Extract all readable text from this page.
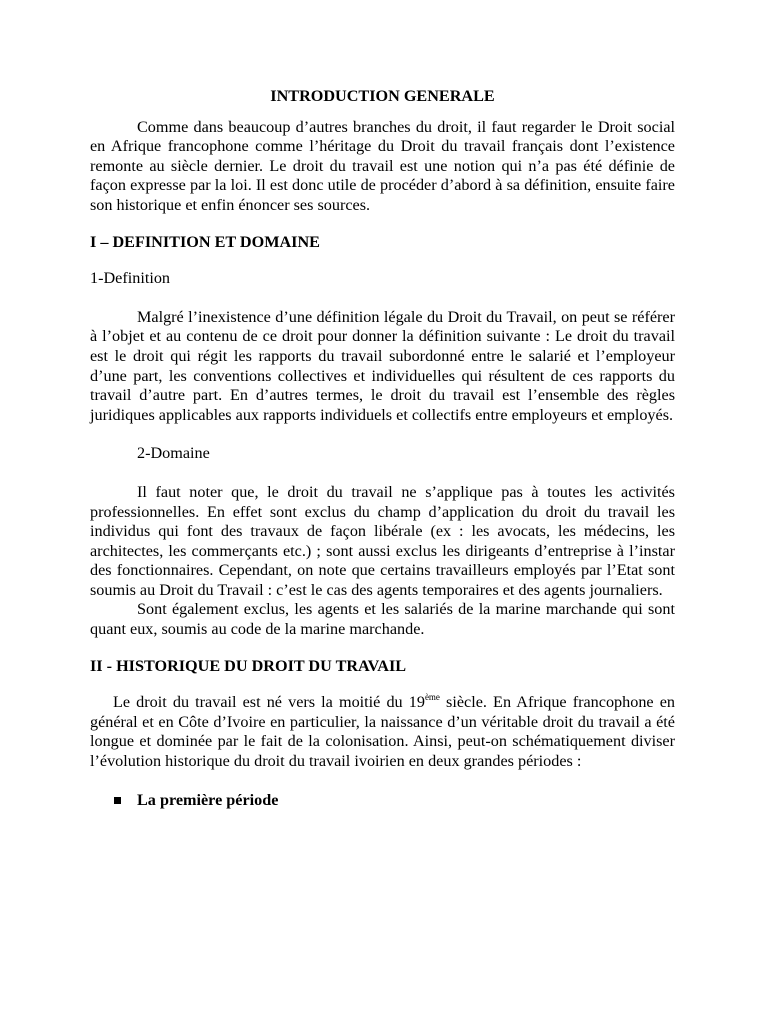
INTRODUCTION GENERALE

Comme dans beaucoup d’autres branches du droit, il faut regarder le Droit social en Afrique francophone comme l’héritage du Droit du travail français dont l’existence remonte au siècle dernier. Le droit du travail est une notion qui n’a pas été définie de façon expresse par la loi. Il est donc utile de procéder d’abord à sa définition, ensuite faire son historique et enfin énoncer ses sources.

I – DEFINITION ET DOMAINE

1-Definition

Malgré l’inexistence d’une définition légale du Droit du Travail, on peut se référer à l’objet et au contenu de ce droit pour donner la définition suivante : Le droit du travail est le droit qui régit les rapports du travail subordonné entre le salarié et l’employeur d’une part, les conventions collectives et individuelles qui résultent de ces rapports du travail d’autre part. En d’autres termes, le droit du travail est l’ensemble des règles juridiques applicables aux rapports individuels et collectifs entre employeurs et employés.

2-Domaine

Il faut noter que, le droit du travail ne s’applique pas à toutes les activités professionnelles. En effet sont exclus du champ d’application du droit du travail les individus qui font des travaux de façon libérale (ex : les avocats, les médecins, les architectes, les commerçants etc.) ; sont aussi exclus les dirigeants d’entreprise à l’instar des fonctionnaires. Cependant, on note que certains travailleurs employés par l’Etat sont soumis au Droit du Travail : c’est le cas des agents temporaires et des agents journaliers.

Sont également exclus, les agents et les salariés de la marine marchande qui sont quant eux, soumis au code de la marine marchande.

II - HISTORIQUE DU DROIT DU TRAVAIL

Le droit du travail est né vers la moitié du 19ème siècle. En Afrique francophone en général et en Côte d’Ivoire en particulier, la naissance d’un véritable droit du travail a été longue et dominée par le fait de la colonisation. Ainsi, peut-on schématiquement diviser l’évolution historique du droit du travail ivoirien en deux grandes périodes :

La première période
